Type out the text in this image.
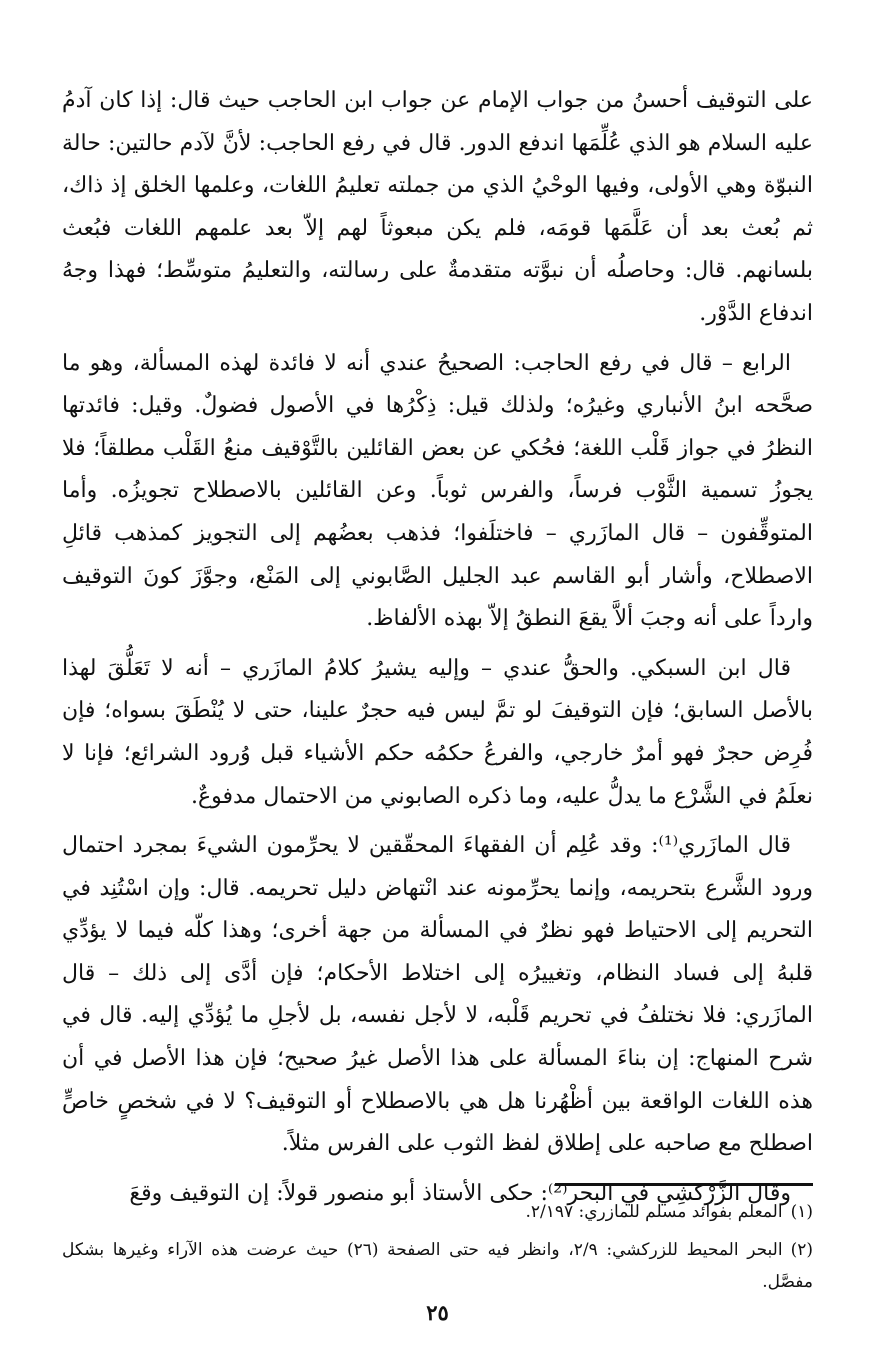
على التوقيف أحسنُ من جواب الإمام عن جواب ابن الحاجب حيث قال: إذا كان آدمُ عليه السلام هو الذي عُلِّمَها اندفع الدور. قال في رفع الحاجب: لأنَّ لآدم حالتين: حالة النبوّة وهي الأولى، وفيها الوحْيُ الذي من جملته تعليمُ اللغات، وعلمها الخلق إذ ذاك، ثم بُعث بعد أن عَلَّمَها قومَه، فلم يكن مبعوثاً لهم إلاّ بعد علمهم اللغات فبُعث بلسانهم. قال: وحاصلُه أن نبوَّته متقدمةٌ على رسالته، والتعليمُ متوسِّط؛ فهذا وجهُ اندفاع الدَّوْر.

الرابع – قال في رفع الحاجب: الصحيحُ عندي أنه لا فائدة لهذه المسألة، وهو ما صحَّحه ابنُ الأنباري وغيرُه؛ ولذلك قيل: ذِكْرُها في الأصول فضولٌ. وقيل: فائدتها النظرُ في جواز قَلْب اللغة؛ فحُكي عن بعض القائلين بالتَّوْقيف منعُ القَلْب مطلقاً؛ فلا يجوزُ تسمية الثَّوْب فرساً، والفرس ثوباً. وعن القائلين بالاصطلاح تجويزُه. وأما المتوقِّفون – قال المازَري – فاختلَفوا؛ فذهب بعضُهم إلى التجويز كمذهب قائلِ الاصطلاح، وأشار أبو القاسم عبد الجليل الصَّابوني إلى المَنْع، وجوَّزَ كونَ التوقيف وارداً على أنه وجبَ ألاَّ يقعَ النطقُ إلاّ بهذه الألفاظ.

قال ابن السبكي. والحقُّ عندي – وإليه يشيرُ كلامُ المازَري – أنه لا تَعَلُّقَ لهذا بالأصل السابق؛ فإن التوقيفَ لو تمَّ ليس فيه حجرٌ علينا، حتى لا يُنْطَقَ بسواه؛ فإن فُرِض حجرٌ فهو أمرٌ خارجي، والفرعُ حكمُه حكم الأشياء قبل وُرود الشرائع؛ فإنا لا نعلَمُ في الشَّرْع ما يدلُّ عليه، وما ذكره الصابوني من الاحتمال مدفوعٌ.

قال المازَري⁽¹⁾: وقد عُلِم أن الفقهاءَ المحقّقين لا يحرِّمون الشيءَ بمجرد احتمال ورود الشَّرع بتحريمه، وإنما يحرِّمونه عند انْتهاض دليل تحريمه. قال: وإن اسْتُنِد في التحريم إلى الاحتياط فهو نظرٌ في المسألة من جهة أخرى؛ وهذا كلّه فيما لا يؤدِّي قلبهُ إلى فساد النظام، وتغييرُه إلى اختلاط الأحكام؛ فإن أدَّى إلى ذلك – قال المازَري: فلا نختلفُ في تحريم قَلْبه، لا لأجل نفسه، بل لأجلِ ما يُؤدِّي إليه. قال في شرح المنهاج: إن بناءَ المسألة على هذا الأصل غيرُ صحيح؛ فإن هذا الأصل في أن هذه اللغات الواقعة بين أظْهُرنا هل هي بالاصطلاح أو التوقيف؟ لا في شخصٍ خاصٍّ اصطلح مع صاحبه على إطلاق لفظ الثوب على الفرس مثلاً.

وقال الزَّرْكشِي في البحر⁽²⁾: حكى الأستاذ أبو منصور قولاً: إن التوقيف وقعَ

(١)المعلم بفوائد مسلم للمازري: ٢/١٩٧.

(٢)البحر المحيط للزركشي: ٢/٩، وانظر فيه حتى الصفحة (٢٦) حيث عرضت هذه الآراء وغيرها بشكل مفصَّل.

٢٥
